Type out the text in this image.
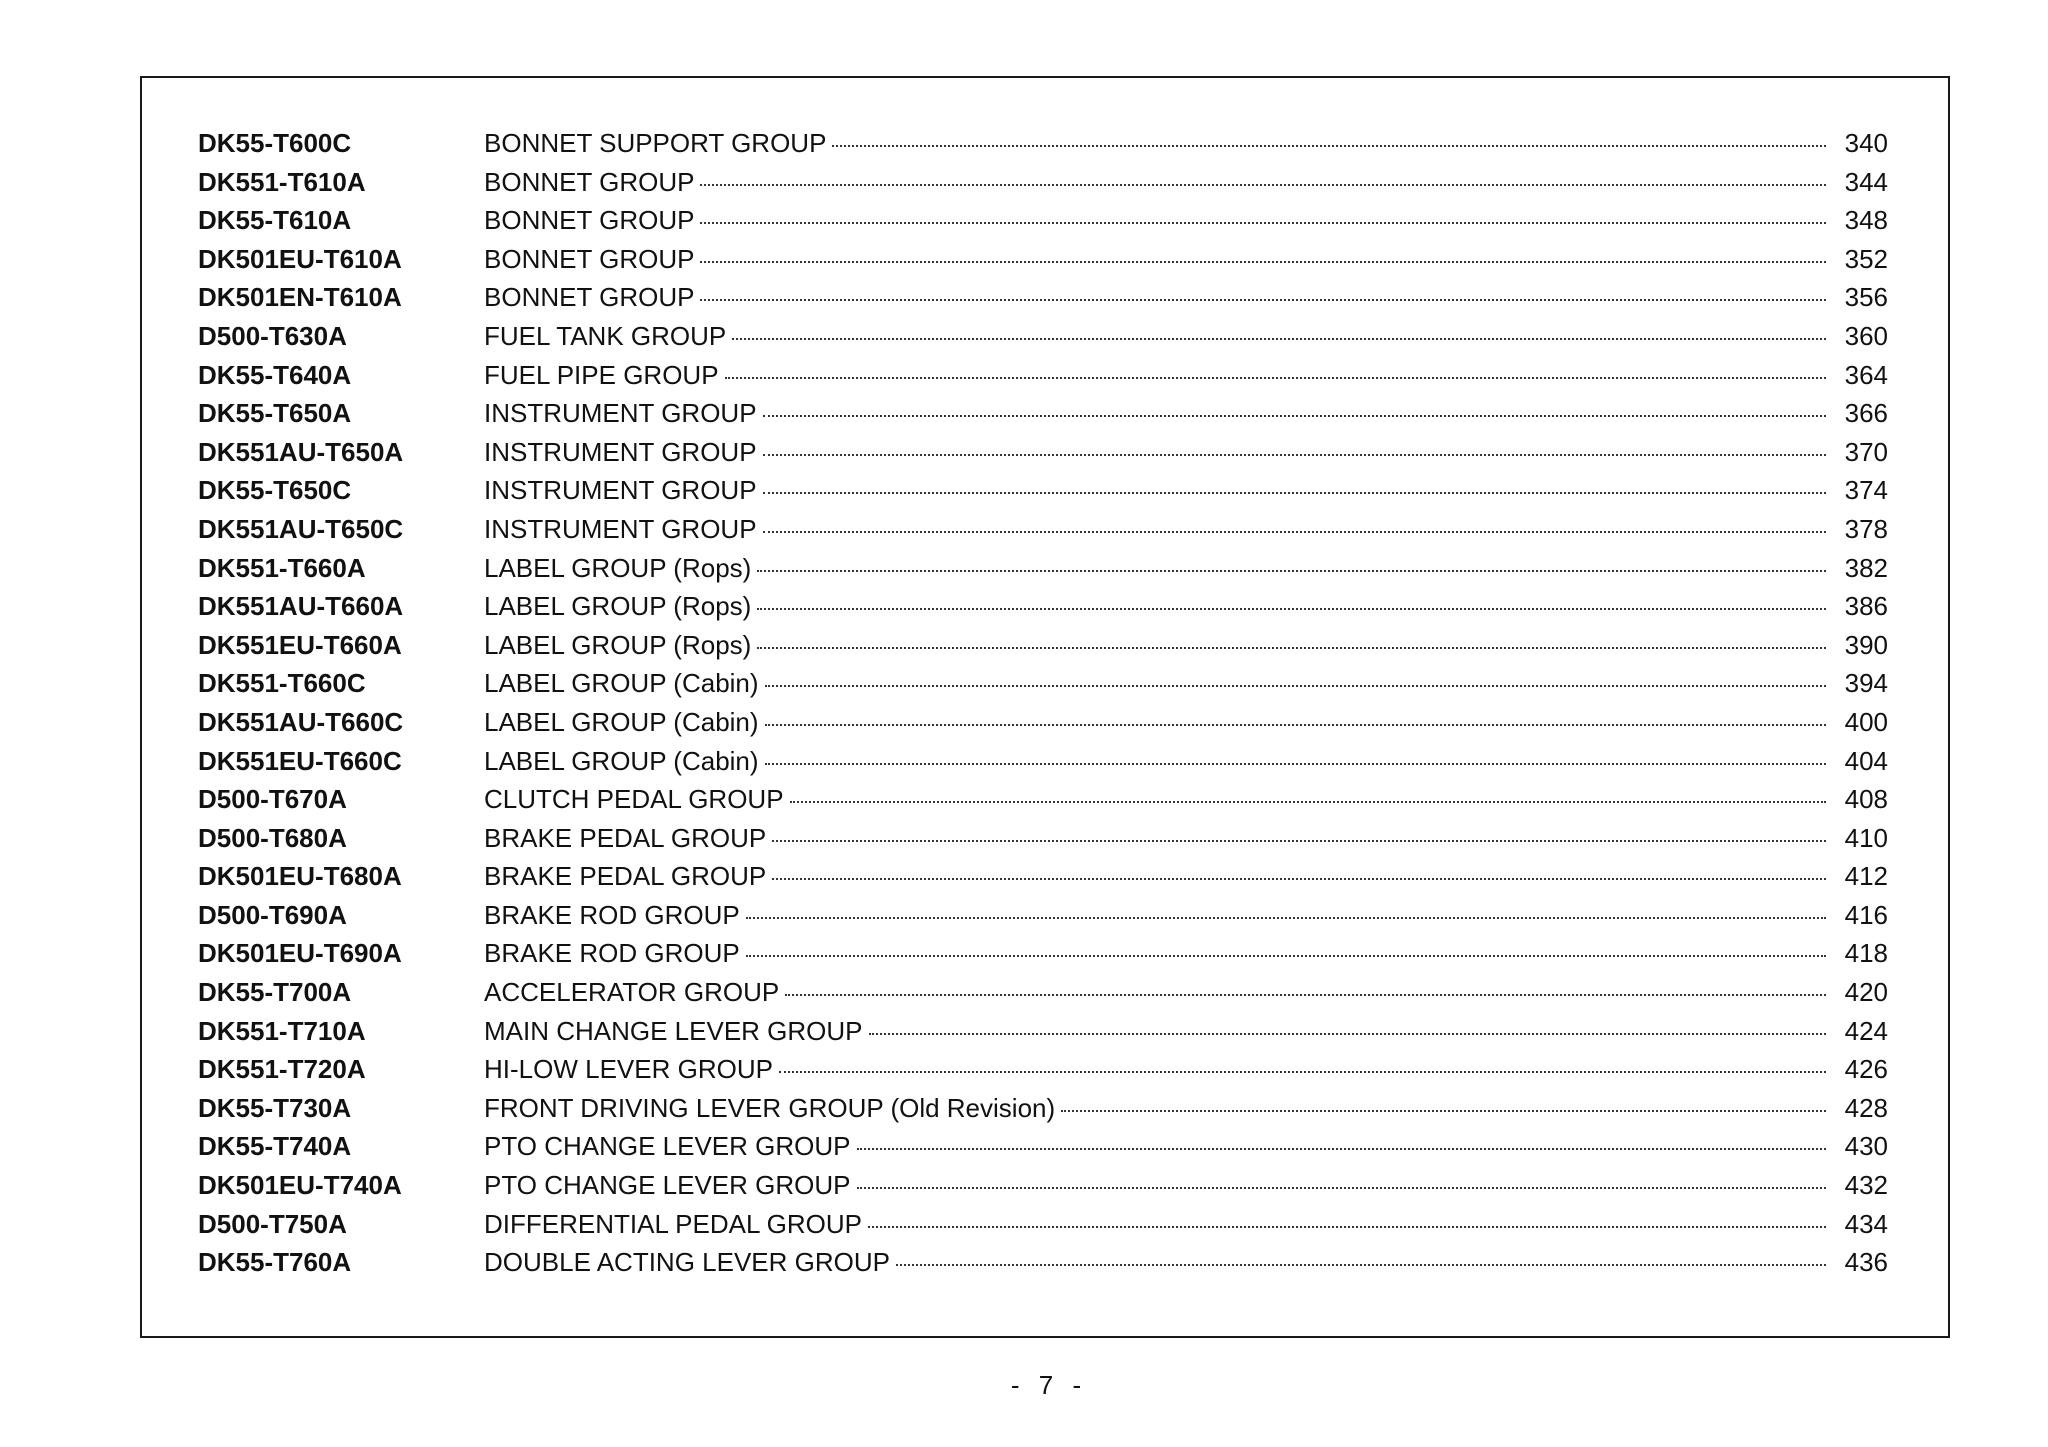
DK55-T600C	BONNET SUPPORT GROUP	340
DK551-T610A	BONNET GROUP	344
DK55-T610A	BONNET GROUP	348
DK501EU-T610A	BONNET GROUP	352
DK501EN-T610A	BONNET GROUP	356
D500-T630A	FUEL TANK GROUP	360
DK55-T640A	FUEL PIPE GROUP	364
DK55-T650A	INSTRUMENT GROUP	366
DK551AU-T650A	INSTRUMENT GROUP	370
DK55-T650C	INSTRUMENT GROUP	374
DK551AU-T650C	INSTRUMENT GROUP	378
DK551-T660A	LABEL GROUP (Rops)	382
DK551AU-T660A	LABEL GROUP (Rops)	386
DK551EU-T660A	LABEL GROUP (Rops)	390
DK551-T660C	LABEL GROUP (Cabin)	394
DK551AU-T660C	LABEL GROUP (Cabin)	400
DK551EU-T660C	LABEL GROUP (Cabin)	404
D500-T670A	CLUTCH PEDAL GROUP	408
D500-T680A	BRAKE PEDAL GROUP	410
DK501EU-T680A	BRAKE PEDAL GROUP	412
D500-T690A	BRAKE ROD GROUP	416
DK501EU-T690A	BRAKE ROD GROUP	418
DK55-T700A	ACCELERATOR GROUP	420
DK551-T710A	MAIN CHANGE LEVER GROUP	424
DK551-T720A	HI-LOW LEVER GROUP	426
DK55-T730A	FRONT DRIVING LEVER GROUP (Old Revision)	428
DK55-T740A	PTO CHANGE LEVER GROUP	430
DK501EU-T740A	PTO CHANGE LEVER GROUP	432
D500-T750A	DIFFERENTIAL PEDAL GROUP	434
DK55-T760A	DOUBLE ACTING LEVER GROUP	436
- 7 -
